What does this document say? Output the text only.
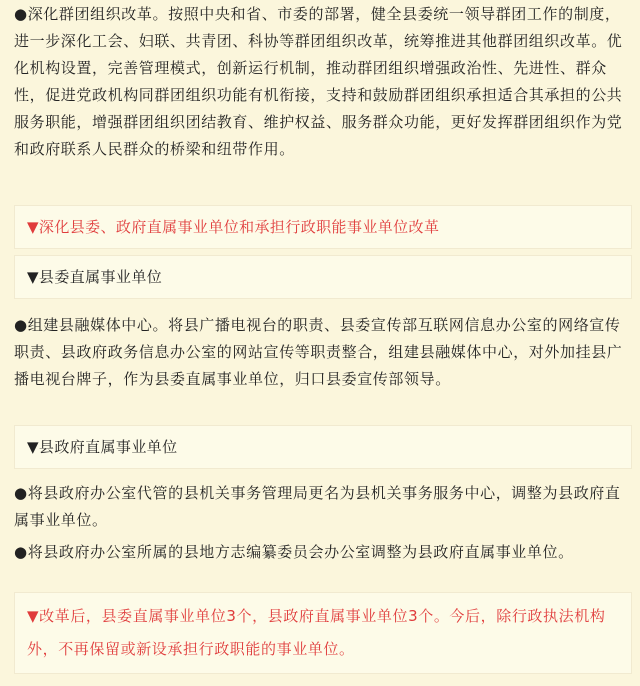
●深化群团组织改革。按照中央和省、市委的部署，健全县委统一领导群团工作的制度，进一步深化工会、妇联、共青团、科协等群团组织改革，统筹推进其他群团组织改革。优化机构设置，完善管理模式，创新运行机制，推动群团组织增强政治性、先进性、群众性，促进党政机构同群团组织功能有机衔接，支持和鼓励群团组织承担适合其承担的公共服务职能，增强群团组织团结教育、维护权益、服务群众功能，更好发挥群团组织作为党和政府联系人民群众的桥梁和纽带作用。
▼深化县委、政府直属事业单位和承担行政职能事业单位改革
▼县委直属事业单位
●组建县融媒体中心。将县广播电视台的职责、县委宣传部互联网信息办公室的网络宣传职责、县政府政务信息办公室的网站宣传等职责整合，组建县融媒体中心，对外加挂县广播电视台牌子，作为县委直属事业单位，归口县委宣传部领导。
▼县政府直属事业单位
●将县政府办公室代管的县机关事务管理局更名为县机关事务服务中心，调整为县政府直属事业单位。
●将县政府办公室所属的县地方志编纂委员会办公室调整为县政府直属事业单位。
▼改革后，县委直属事业单位3个，县政府直属事业单位3个。今后，除行政执法机构外，不再保留或新设承担行政职能的事业单位。
